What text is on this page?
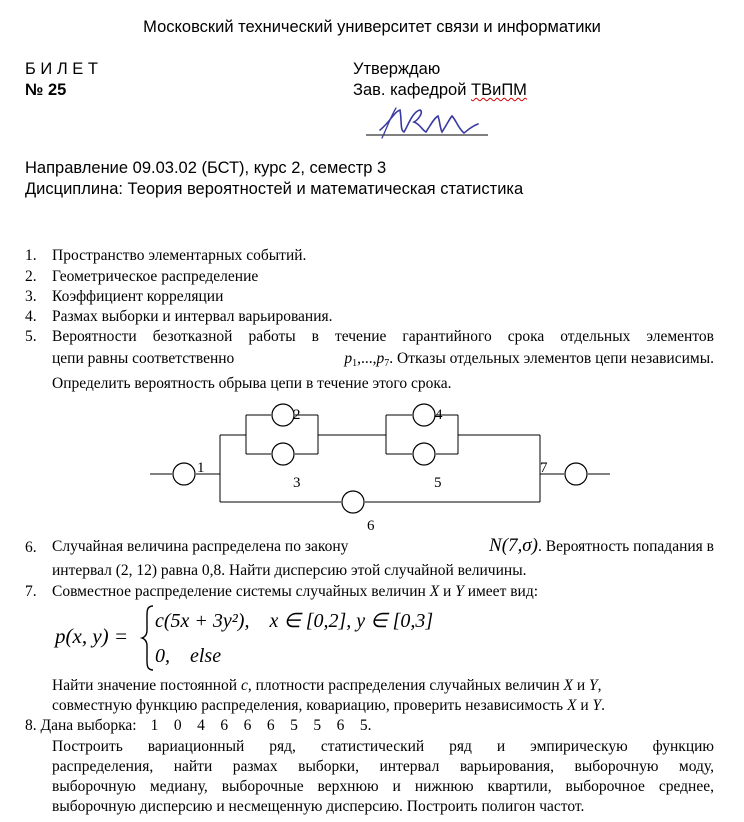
Московский технический университет связи и информатики
Б И Л Е Т
№ 25
Утверждаю
Зав. кафедрой ТВиПМ
Направление 09.03.02 (БСТ), курс 2, семестр 3
Дисциплина: Теория вероятностей и математическая статистика
1. Пространство элементарных событий.
2. Геометрическое распределение
3. Коэффициент корреляции
4. Размах выборки и интервал варьирования.
5. Вероятности безотказной работы в течение гарантийного срока отдельных элементов
цепи равны соответственно	$p_1,...,p_7$. Отказы отдельных элементов цепи независимы.
Определить вероятность обрыва цепи в течение этого срока.
1
2
3
4
5
6
7
6. Случайная величина распределена по закону	N(7,σ). Вероятность попадания в
интервал (2, 12) равна 0,8. Найти дисперсию этой случайной величины.
7. Совместное распределение системы случайных величин X и Y имеет вид:
p(x, y) =
c(5x + 3y²),    x ∈ [0,2], y ∈ [0,3]
0,    else
Найти значение постоянной c, плотности распределения случайных величин X и Y,
совместную функцию распределения, ковариацию, проверить независимость X и Y.
8. Дана выборка: 1    0    4    6    6    6    5    5    6    5.
Построить вариационный ряд, статистический ряд и эмпирическую функцию
распределения, найти размах выборки, интервал варьирования, выборочную моду,
выборочную медиану, выборочные верхнюю и нижнюю квартили, выборочное среднее,
выборочную дисперсию и несмещенную дисперсию. Построить полигон частот.
